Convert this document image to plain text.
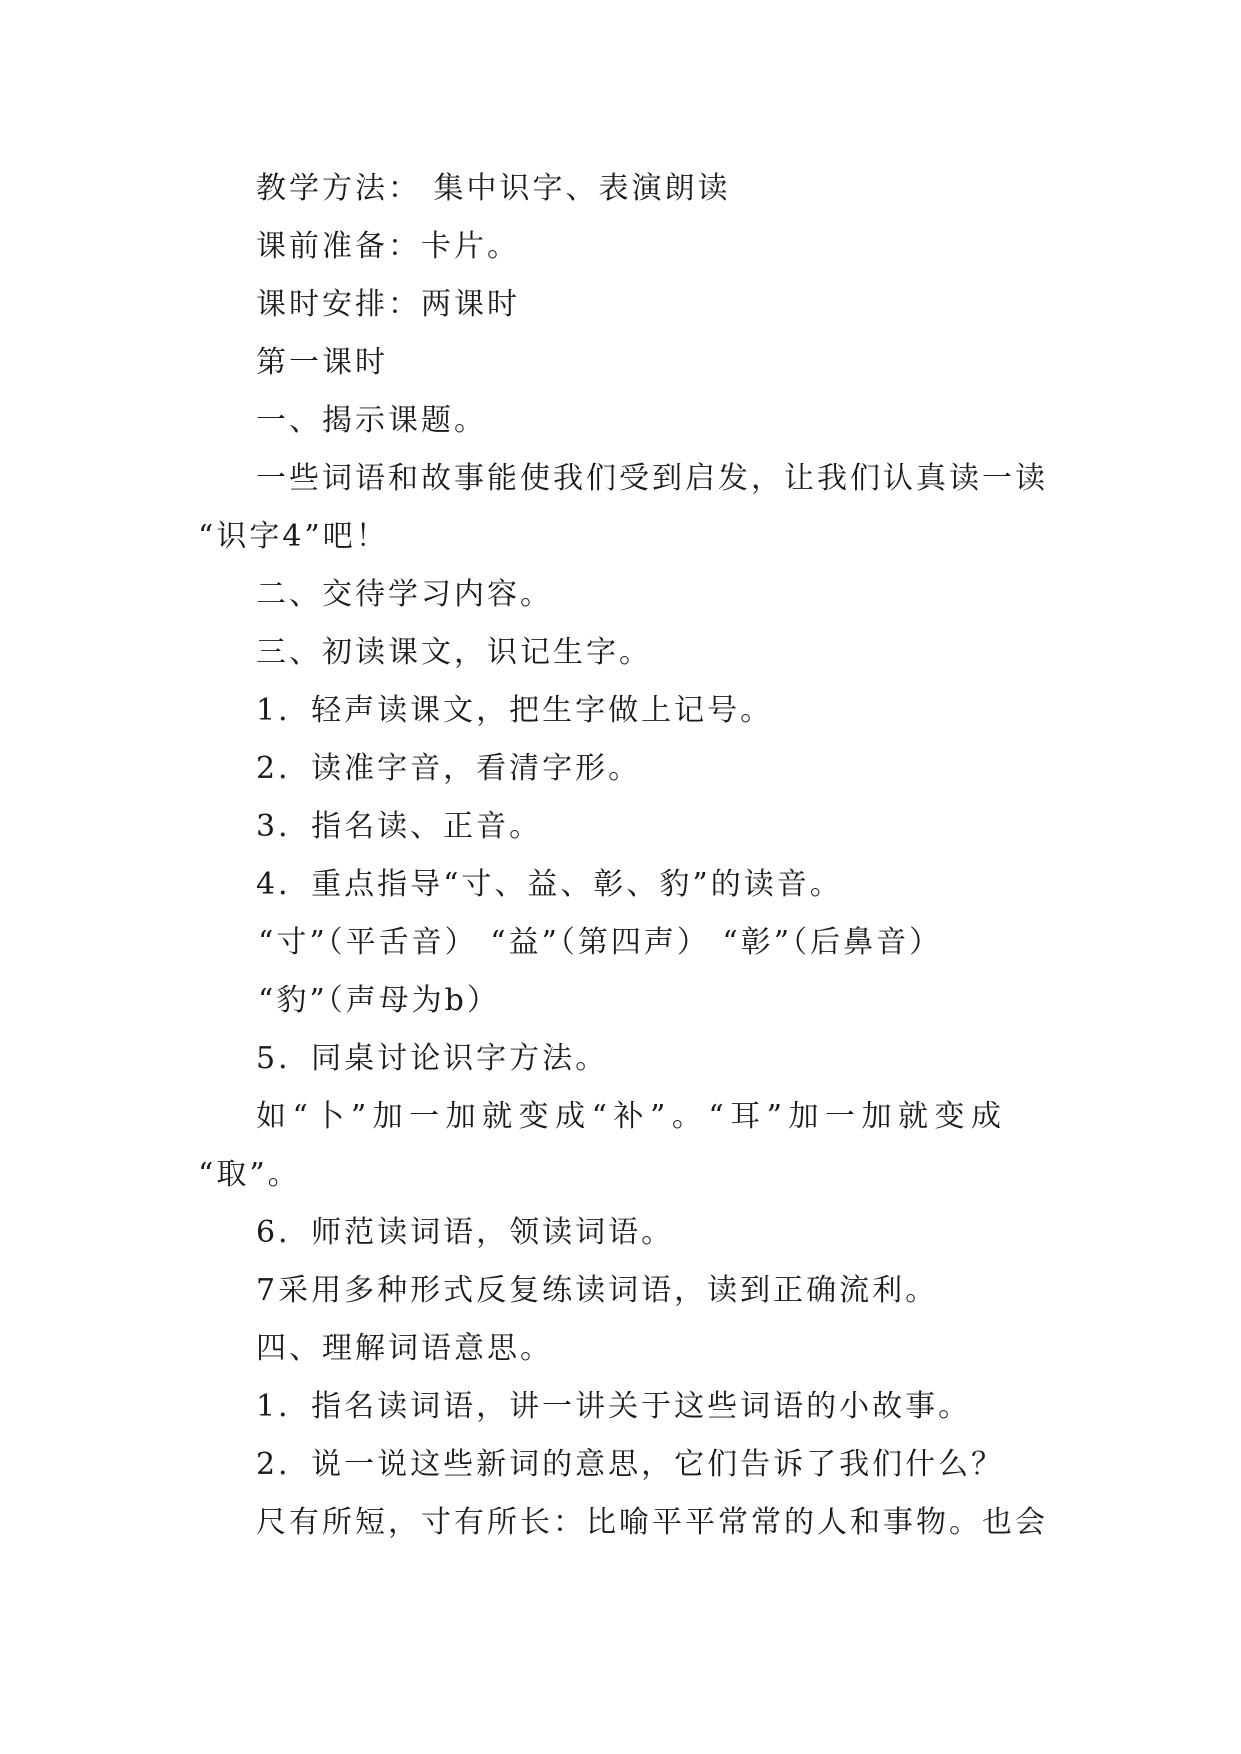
教学方法： 集中识字、表演朗读
课前准备：卡片。
课时安排：两课时
第一课时
一、揭示课题。
一些词语和故事能使我们受到启发，让我们认真读一读
“识字4”吧！
二、交待学习内容。
三、初读课文，识记生字。
1．轻声读课文，把生字做上记号。
2．读准字音，看清字形。
3．指名读、正音。
4．重点指导“寸、益、彰、豹”的读音。
“寸”（平舌音） “益”（第四声） “彰”（后鼻音）
“豹”（声母为b）
5．同桌讨论识字方法。
如“卜”加一加就变成“补”。“耳”加一加就变成
“取”。
6．师范读词语，领读词语。
7采用多种形式反复练读词语，读到正确流利。
四、理解词语意思。
1．指名读词语，讲一讲关于这些词语的小故事。
2．说一说这些新词的意思，它们告诉了我们什么？
尺有所短，寸有所长：比喻平平常常的人和事物。也会
